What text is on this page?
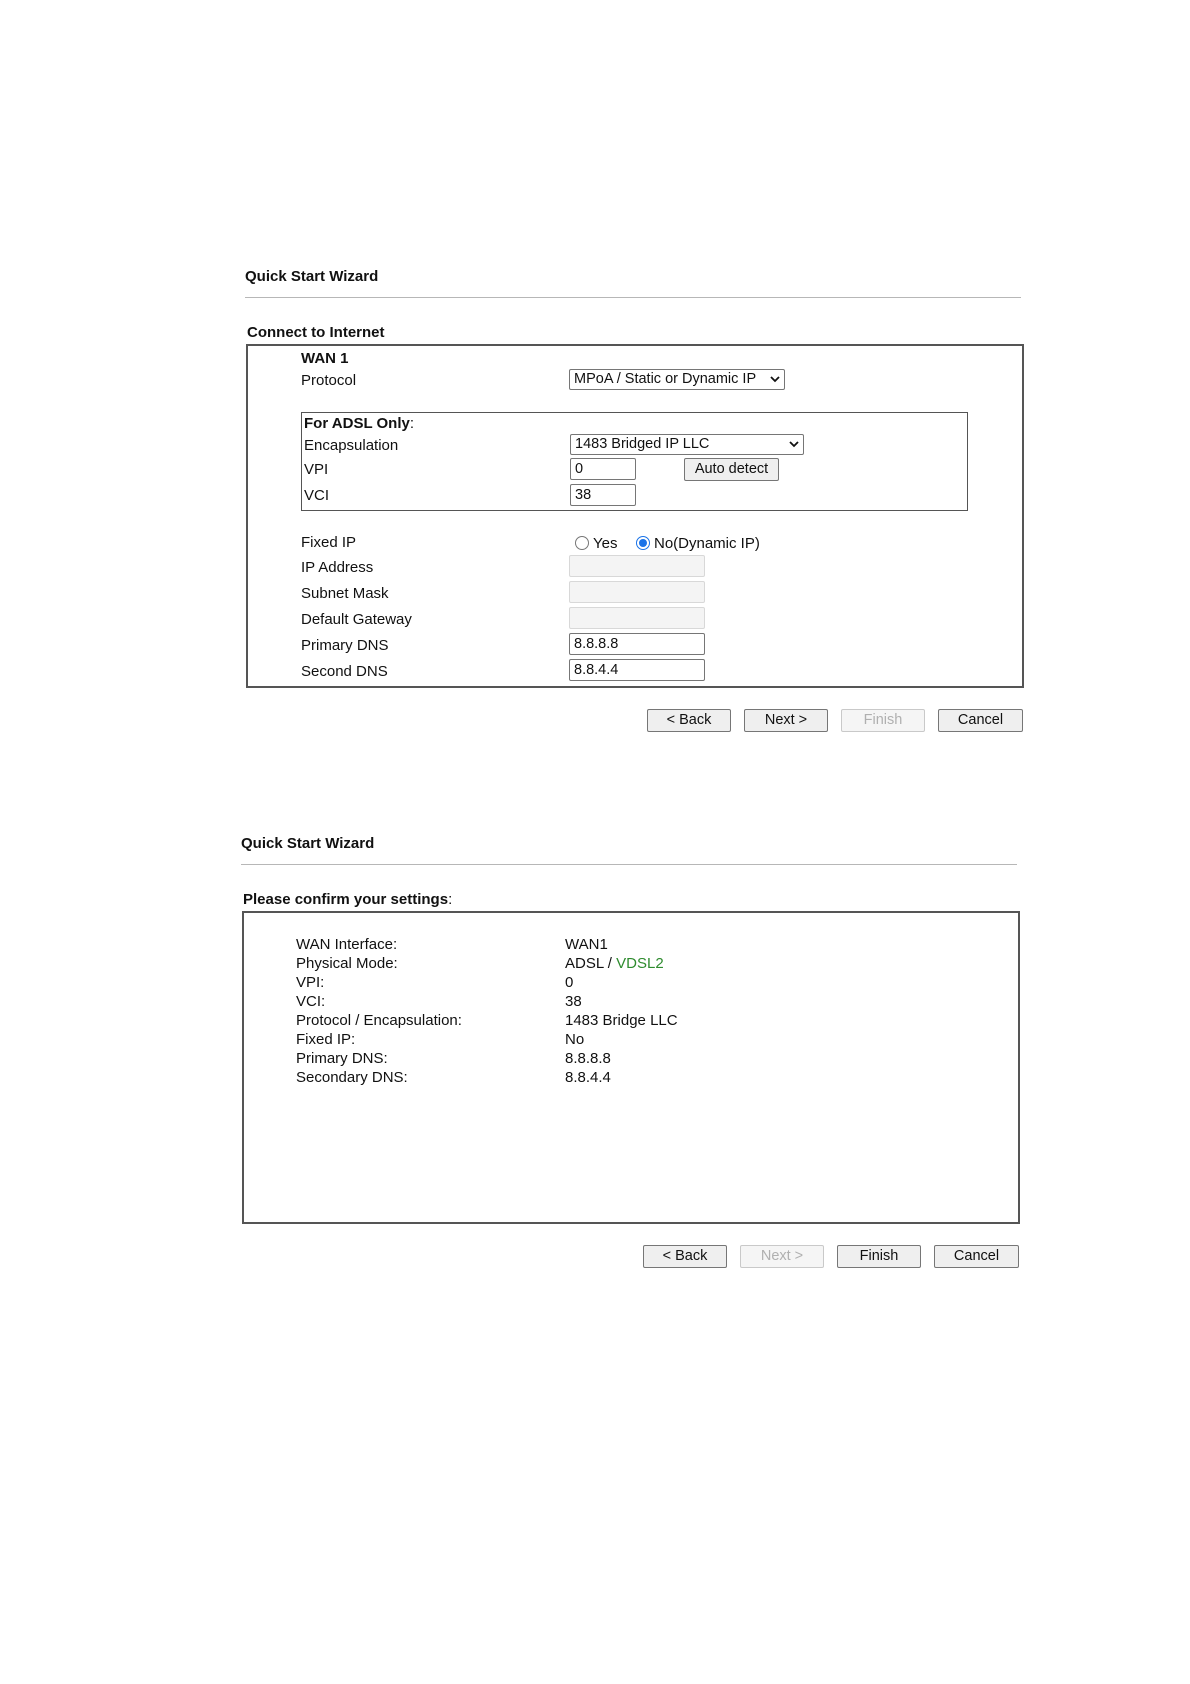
Quick Start Wizard
Connect to Internet
WAN 1
Protocol	MPoA / Static or Dynamic IP
For ADSL Only:
Encapsulation	1483 Bridged IP LLC
VPI	0	Auto detect
VCI	38
Fixed IP	Yes No(Dynamic IP)
IP Address
Subnet Mask
Default Gateway
Primary DNS	8.8.8.8
Second DNS	8.8.4.4
< Back	Next >	Finish	Cancel
Quick Start Wizard
Please confirm your settings:
WAN Interface:	WAN1
Physical Mode:	ADSL / VDSL2
VPI:	0
VCI:	38
Protocol / Encapsulation:	1483 Bridge LLC
Fixed IP:	No
Primary DNS:	8.8.8.8
Secondary DNS:	8.8.4.4
< Back	Next >	Finish	Cancel
